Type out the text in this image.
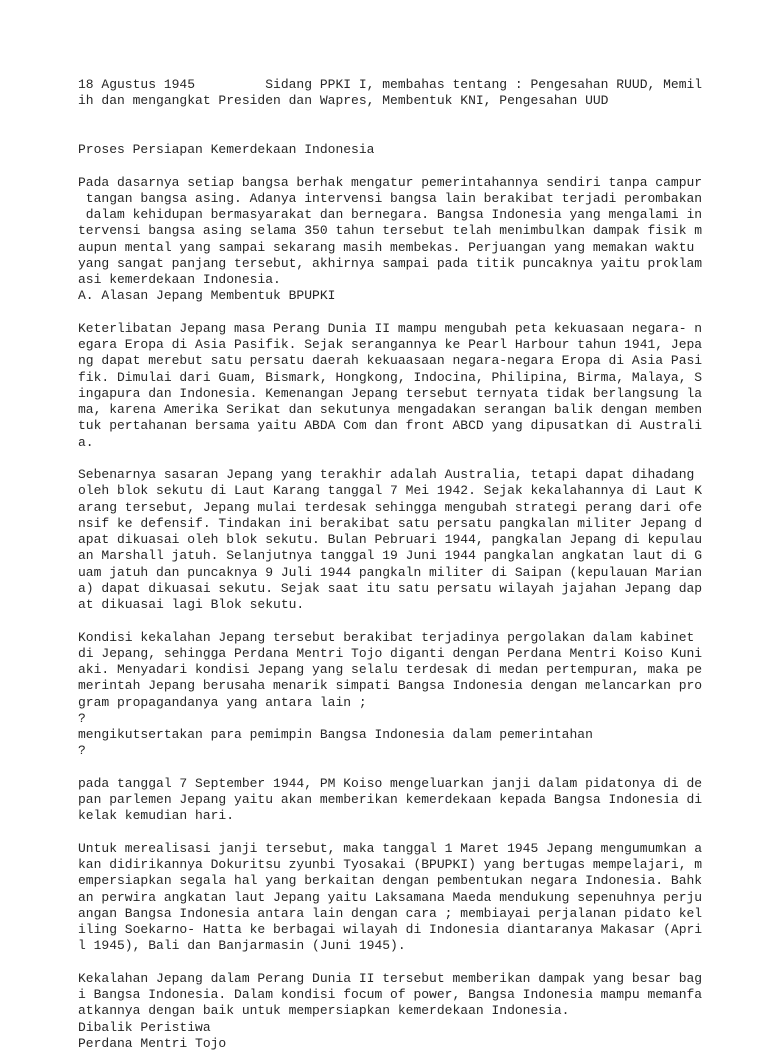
18 Agustus 1945         Sidang PPKI I, membahas tentang : Pengesahan RUUD, Memil
ih dan mengangkat Presiden dan Wapres, Membentuk KNI, Pengesahan UUD
Proses Persiapan Kemerdekaan Indonesia
Pada dasarnya setiap bangsa berhak mengatur pemerintahannya sendiri tanpa campur
tangan bangsa asing. Adanya intervensi bangsa lain berakibat terjadi perombakan
dalam kehidupan bermasyarakat dan bernegara. Bangsa Indonesia yang mengalami in
tervensi bangsa asing selama 350 tahun tersebut telah menimbulkan dampak fisik m
aupun mental yang sampai sekarang masih membekas. Perjuangan yang memakan waktu
yang sangat panjang tersebut, akhirnya sampai pada titik puncaknya yaitu proklam
asi kemerdekaan Indonesia.
A. Alasan Jepang Membentuk BPUPKI
Keterlibatan Jepang masa Perang Dunia II mampu mengubah peta kekuasaan negara- n
egara Eropa di Asia Pasifik. Sejak serangannya ke Pearl Harbour tahun 1941, Jepa
ng dapat merebut satu persatu daerah kekuaasaan negara-negara Eropa di Asia Pasi
fik. Dimulai dari Guam, Bismark, Hongkong, Indocina, Philipina, Birma, Malaya, S
ingapura dan Indonesia. Kemenangan Jepang tersebut ternyata tidak berlangsung la
ma, karena Amerika Serikat dan sekutunya mengadakan serangan balik dengan memben
tuk pertahanan bersama yaitu ABDA Com dan front ABCD yang dipusatkan di Australi
a.
Sebenarnya sasaran Jepang yang terakhir adalah Australia, tetapi dapat dihadang
oleh blok sekutu di Laut Karang tanggal 7 Mei 1942. Sejak kekalahannya di Laut K
arang tersebut, Jepang mulai terdesak sehingga mengubah strategi perang dari ofe
nsif ke defensif. Tindakan ini berakibat satu persatu pangkalan militer Jepang d
apat dikuasai oleh blok sekutu. Bulan Pebruari 1944, pangkalan Jepang di kepulau
an Marshall jatuh. Selanjutnya tanggal 19 Juni 1944 pangkalan angkatan laut di G
uam jatuh dan puncaknya 9 Juli 1944 pangkaln militer di Saipan (kepulauan Marian
a) dapat dikuasai sekutu. Sejak saat itu satu persatu wilayah jajahan Jepang dap
at dikuasai lagi Blok sekutu.
Kondisi kekalahan Jepang tersebut berakibat terjadinya pergolakan dalam kabinet
di Jepang, sehingga Perdana Mentri Tojo diganti dengan Perdana Mentri Koiso Kuni
aki. Menyadari kondisi Jepang yang selalu terdesak di medan pertempuran, maka pe
merintah Jepang berusaha menarik simpati Bangsa Indonesia dengan melancarkan pro
gram propagandanya yang antara lain ;
?
mengikutsertakan para pemimpin Bangsa Indonesia dalam pemerintahan
?
pada tanggal 7 September 1944, PM Koiso mengeluarkan janji dalam pidatonya di de
pan parlemen Jepang yaitu akan memberikan kemerdekaan kepada Bangsa Indonesia di
kelak kemudian hari.
Untuk merealisasi janji tersebut, maka tanggal 1 Maret 1945 Jepang mengumumkan a
kan didirikannya Dokuritsu zyunbi Tyosakai (BPUPKI) yang bertugas mempelajari, m
empersiapkan segala hal yang berkaitan dengan pembentukan negara Indonesia. Bahk
an perwira angkatan laut Jepang yaitu Laksamana Maeda mendukung sepenuhnya perju
angan Bangsa Indonesia antara lain dengan cara ; membiayai perjalanan pidato kel
iling Soekarno- Hatta ke berbagai wilayah di Indonesia diantaranya Makasar (Apri
l 1945), Bali dan Banjarmasin (Juni 1945).
Kekalahan Jepang dalam Perang Dunia II tersebut memberikan dampak yang besar bag
i Bangsa Indonesia. Dalam kondisi focum of power, Bangsa Indonesia mampu memanfa
atkannya dengan baik untuk mempersiapkan kemerdekaan Indonesia.
Dibalik Peristiwa
Perdana Mentri Tojo
